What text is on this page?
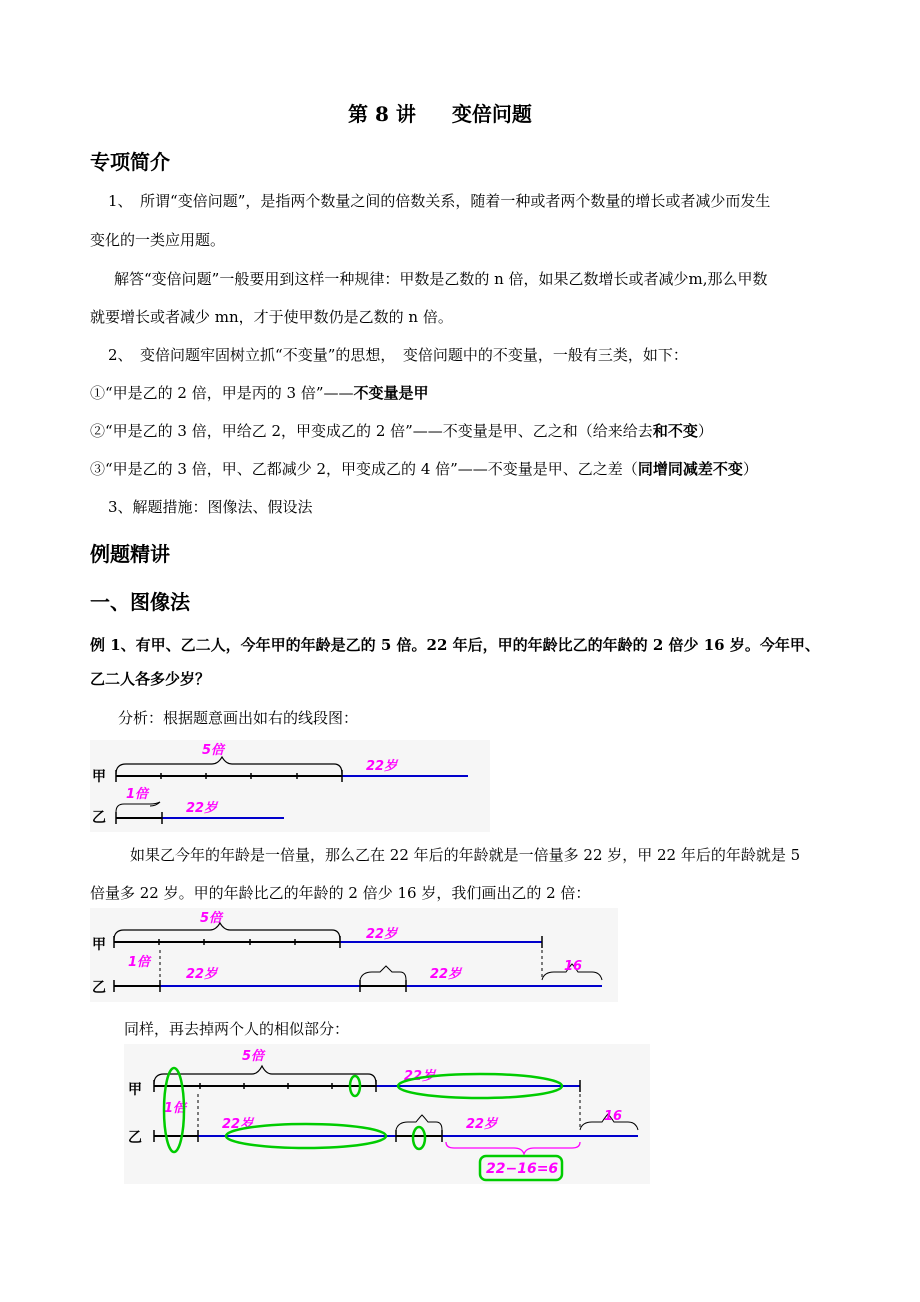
第 8 讲 变倍问题
专项简介
1、　所谓“变倍问题”，是指两个数量之间的倍数关系，随着一种或者两个数量的增长或者减少而发生
变化的一类应用题。
解答“变倍问题”一般要用到这样一种规律：甲数是乙数的 n 倍，如果乙数增长或者减少m,那么甲数
就要增长或者减少 mn，才于使甲数仍是乙数的 n 倍。
2、　变倍问题牢固树立抓“不变量”的思想，　变倍问题中的不变量，一般有三类，如下：
①“甲是乙的 2 倍，甲是丙的 3 倍”——不变量是甲
②“甲是乙的 3 倍，甲给乙 2，甲变成乙的 2 倍”——不变量是甲、乙之和（给来给去和不变）
③“甲是乙的 3 倍，甲、乙都减少 2，甲变成乙的 4 倍”——不变量是甲、乙之差（同增同减差不变）
3、解题措施：图像法、假设法
例题精讲
一、图像法
例 1、有甲、乙二人，今年甲的年龄是乙的 5 倍。22 年后，甲的年龄比乙的年龄的 2 倍少 16 岁。今年甲、
乙二人各多少岁？
分析：根据题意画出如右的线段图：
甲
乙
5倍
22岁
1倍
22岁
如果乙今年的年龄是一倍量，那么乙在 22 年后的年龄就是一倍量多 22 岁，甲 22 年后的年龄就是 5
倍量多 22 岁。甲的年龄比乙的年龄的 2 倍少 16 岁，我们画出乙的 2 倍：
甲
乙
5倍
22岁
1倍
22岁	22岁
16
同样，再去掉两个人的相似部分：
甲
乙
5倍
22岁
1倍
22岁	22岁
16
22−16=6
